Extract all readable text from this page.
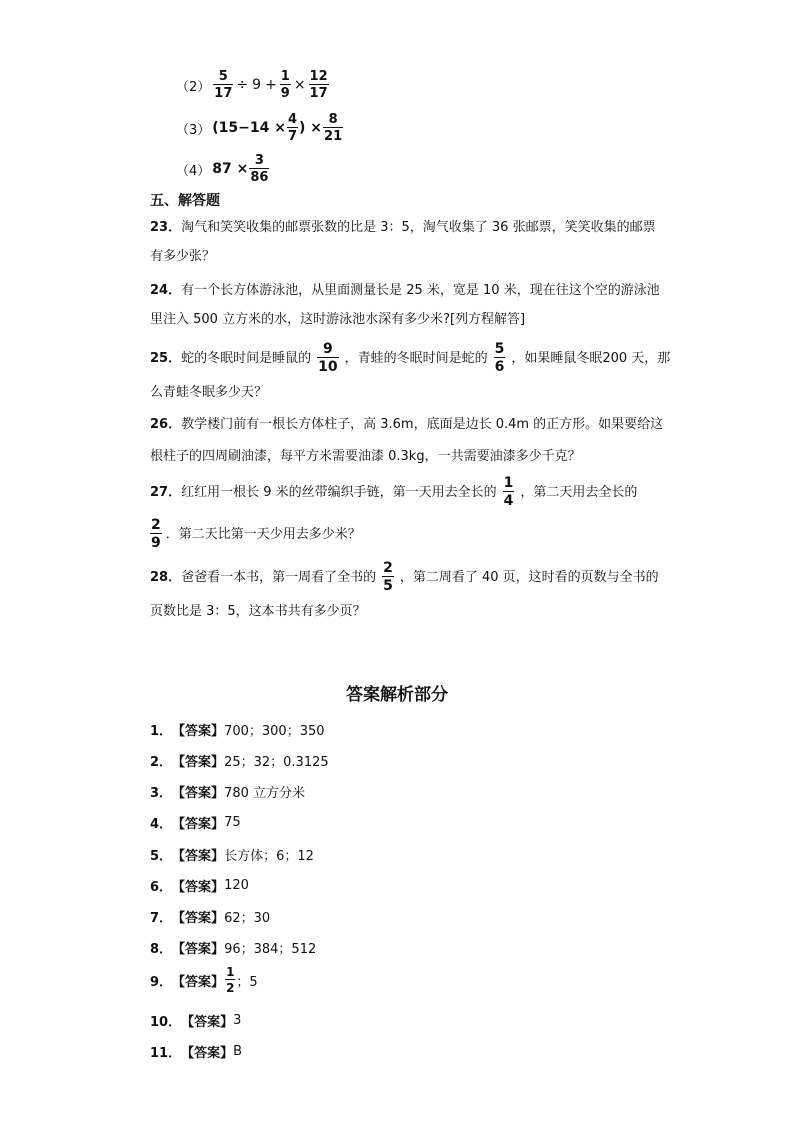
$(2) \frac{5}{17} \div 9 + \frac{1}{9} \times \frac{12}{17}$
（3） ($15-14 \times \frac{4}{7}$ ) × $\frac{8}{21}$
（4） $87 \times \frac{3}{86}$
五、解答题
23．淘气和笑笑收集的邮票张数的比是 3：5，淘气收集了 36 张邮票，笑笑收集的邮票
有多少张？
24．有一个长方体游泳池，从里面测量长是 25 米，宽是 10 米，现在往这个空的游泳池
里注入 500 立方米的水，这时游泳池水深有多少米?[列方程解答]
25． 蛇的冬眠时间是睡鼠的 $\frac{9}{10}$ ，青蛙的冬眠时间是蛇的 $\frac{5}{6}$ ，如果睡鼠冬眠200 天，那
么青蛙冬眠多少天？
26．教学楼门前有一根长方体柱子，高 3.6m，底面是边长 0.4m 的正方形。如果要给这
根柱子的四周刷油漆，每平方米需要油漆 0.3kg，一共需要油漆多少千克？
27． 红红用一根长 9 米的丝带编织手链，第一天用去全长的 $\frac{1}{4}$ ，第二天用去全长的
$\frac{2}{9}$ ．第二天比第一天少用去多少米？
28． 爸爸看一本书，第一周看了全书的 $\frac{2}{5}$ ，第二周看了 40 页，这时看的页数与全书的
页数比是 3：5，这本书共有多少页？
答案解析部分
1． 【答案】 700；300；350
2． 【答案】 25；32；0.3125
3． 【答案】 780 立方分米
4． 【答案】 75
5． 【答案】 长方体；6；12
6． 【答案】 120
7． 【答案】 62；30
8． 【答案】 96；384；512
9． 【答案】 $\frac{1}{2}$ ；5
10． 【答案】 3
11． 【答案】 B
